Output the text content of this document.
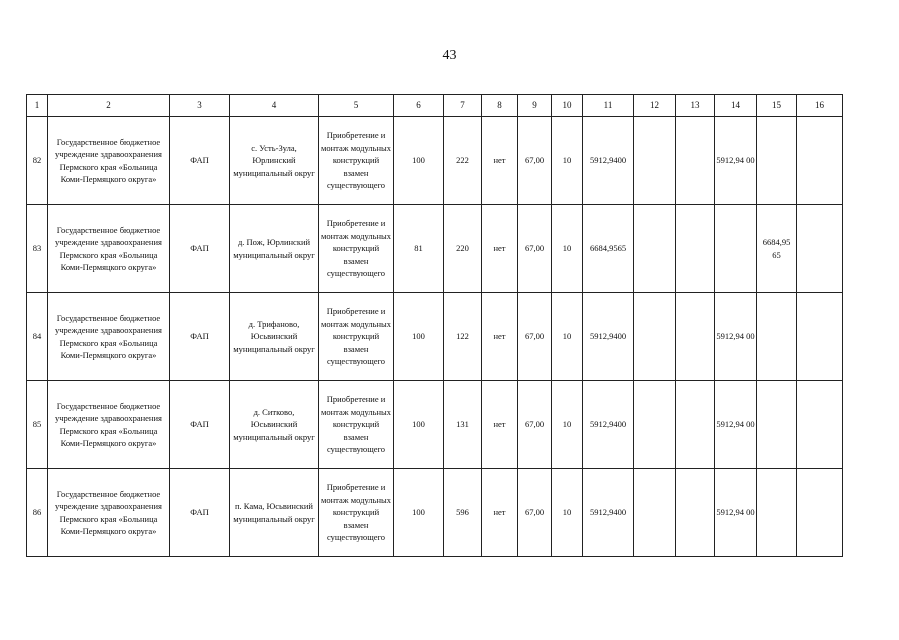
43
1	2	3	4	5	6	7	8	9	10	11	12	13	14	15	16
82	Государственное бюджетное учреждение здравоохранения Пермского края «Больница Коми-Пермяцкого округа»	ФАП	с. Усть-Зула, Юрлинский муниципальный округ	Приобретение и монтаж модульных конструкций взамен существующего	100	222	нет	67,00	10	5912,9400			5912,94 00		
83	Государственное бюджетное учреждение здравоохранения Пермского края «Больница Коми-Пермяцкого округа»	ФАП	д. Пож, Юрлинский муниципальный округ	Приобретение и монтаж модульных конструкций взамен существующего	81	220	нет	67,00	10	6684,9565				6684,95 65	
84	Государственное бюджетное учреждение здравоохранения Пермского края «Больница Коми-Пермяцкого округа»	ФАП	д. Трифаново, Юсьвинский муниципальный округ	Приобретение и монтаж модульных конструкций взамен существующего	100	122	нет	67,00	10	5912,9400			5912,94 00		
85	Государственное бюджетное учреждение здравоохранения Пермского края «Больница Коми-Пермяцкого округа»	ФАП	д. Ситково, Юсьвинский муниципальный округ	Приобретение и монтаж модульных конструкций взамен существующего	100	131	нет	67,00	10	5912,9400			5912,94 00		
86	Государственное бюджетное учреждение здравоохранения Пермского края «Больница Коми-Пермяцкого округа»	ФАП	п. Кама, Юсьвинский муниципальный округ	Приобретение и монтаж модульных конструкций взамен существующего	100	596	нет	67,00	10	5912,9400			5912,94 00		
